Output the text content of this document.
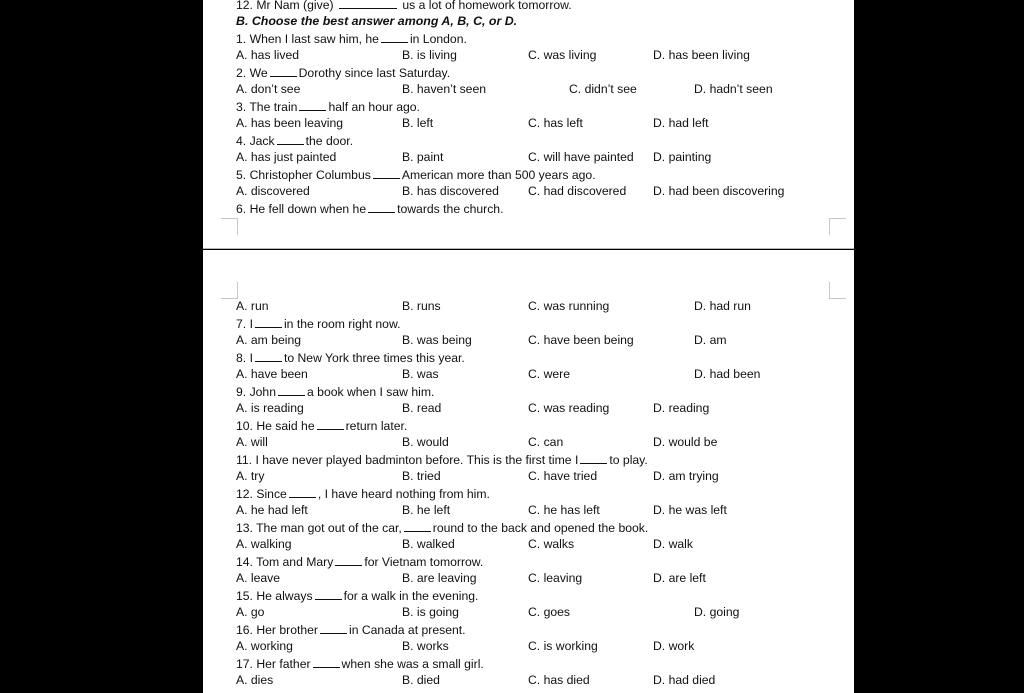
12. Mr Nam (give)	us a lot of homework tomorrow.
B. Choose the best answer among A, B, C, or D.
1. When I last saw him, he	in London.
A. has lived	B. is living	C. was living	D. has been living
2. We	Dorothy since last Saturday.
A. don’t see	B. haven’t seen	C. didn’t see	D. hadn’t seen
3. The train	half an hour ago.
A. has been leaving	B. left	C. has left	D. had left
4. Jack	the door.
A. has just painted	B. paint	C. will have painted D. painting
5. Christopher Columbus	American more than 500 years ago.
A. discovered	B. has discovered C. had discovered D. had been discovering
6. He fell down when he	towards the church.
A. run	B. runs	C. was running	D. had run
7. I	in the room right now.
A. am being	B. was being	C. have been being	D. am
8. I	to New York three times this year.
A. have been	B. was	C. were	D. had been
9. John	a book when I saw him.
A. is reading	B. read	C. was reading	D. reading
10. He said he	return later.
A. will	B. would	C. can	D. would be
11. I have never played badminton before. This is the first time I	to play.
A. try	B. tried	C. have tried	D. am trying
12. Since	, I have heard nothing from him.
A. he had left	B. he left	C. he has left	D. he was left
13. The man got out of the car,	round to the back and opened the book.
A. walking	B. walked	C. walks	D. walk
14. Tom and Mary	for Vietnam tomorrow.
A. leave	B. are leaving	C. leaving	D. are left
15. He always	for a walk in the evening.
A. go	B. is going	C. goes	D. going
16. Her brother	in Canada at present.
A. working	B. works	C. is working	D. work
17. Her father	when she was a small girl.
A. dies	B. died	C. has died	D. had died
